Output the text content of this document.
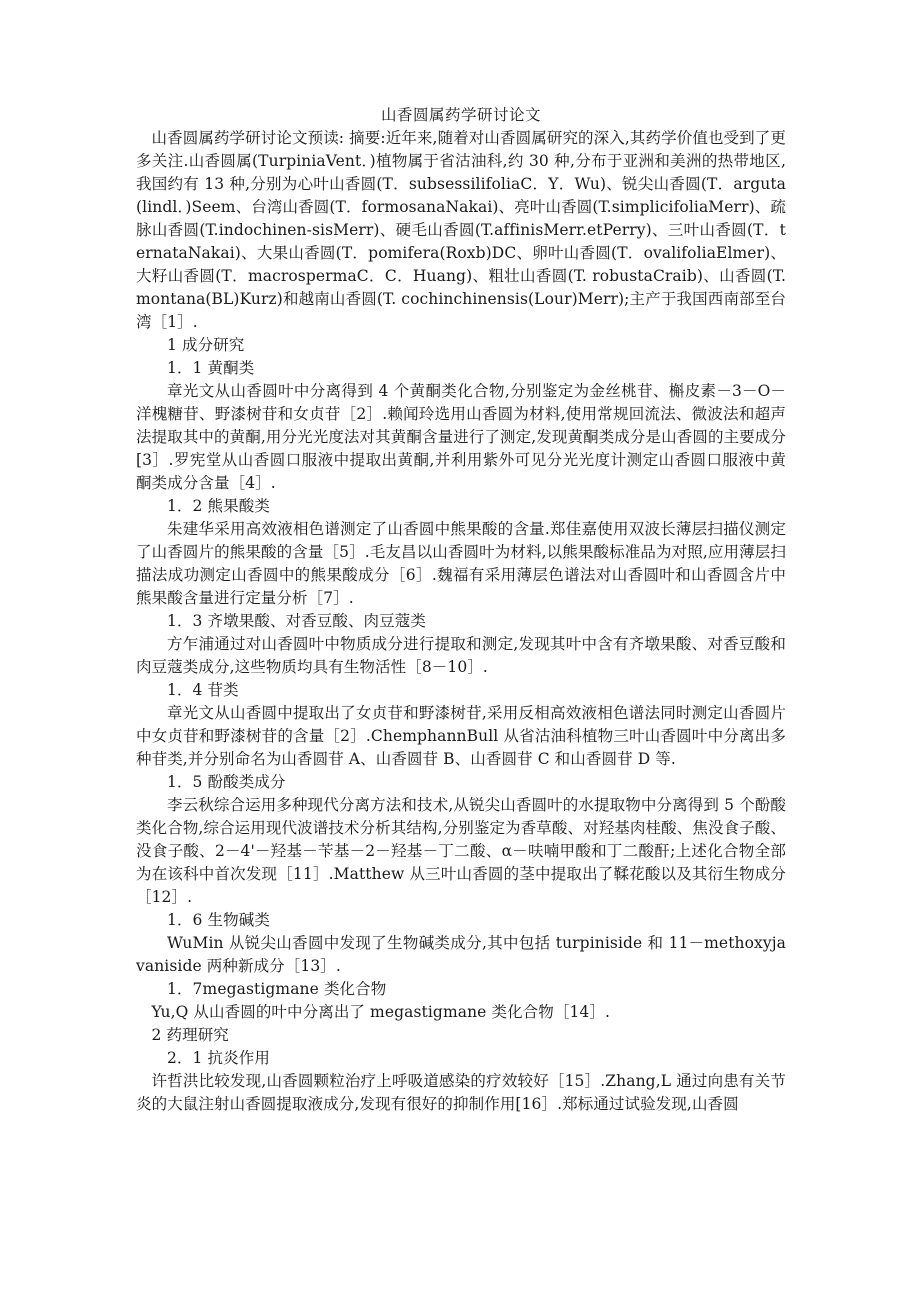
山香圆属药学研讨论文

山香圆属药学研讨论文预读: 摘要:近年来,随着对山香圆属研究的深入,其药学价值也受到了更多关注.山香圆属(TurpiniaVent．)植物属于省沽油科,约 30 种,分布于亚洲和美洲的热带地区,我国约有 13 种,分别为心叶山香圆(T．subsessilifoliaC．Y．Wu)、锐尖山香圆(T．arguta(lindl．)Seem、台湾山香圆(T．formosanaNakai)、亮叶山香圆(T.simplicifoliaMerr)、疏脉山香圆(T.indochinen-sisMerr)、硬毛山香圆(T.affinisMerr.etPerry)、三叶山香圆(T．ternataNakai)、大果山香圆(T．pomifera(Roxb)DC、卵叶山香圆(T．ovalifoliaElmer)、大籽山香圆(T．macrospermaC．C．Huang)、粗壮山香圆(T. robustaCraib)、山香圆(T. montana(BL)Kurz)和越南山香圆(T. cochinchinensis(Lour)Merr);主产于我国西南部至台湾［1］.

1 成分研究

1．1 黄酮类

章光文从山香圆叶中分离得到 4 个黄酮类化合物,分别鉴定为金丝桃苷、槲皮素－3－O－洋槐糖苷、野漆树苷和女贞苷［2］.赖闻玲选用山香圆为材料,使用常规回流法、微波法和超声法提取其中的黄酮,用分光光度法对其黄酮含量进行了测定,发现黄酮类成分是山香圆的主要成分[3］.罗宪堂从山香圆口服液中提取出黄酮,并利用紫外可见分光光度计测定山香圆口服液中黄酮类成分含量［4］.

1．2 熊果酸类

朱建华采用高效液相色谱测定了山香圆中熊果酸的含量.郑佳嘉使用双波长薄层扫描仪测定了山香圆片的熊果酸的含量［5］.毛友昌以山香圆叶为材料,以熊果酸标准品为对照,应用薄层扫描法成功测定山香圆中的熊果酸成分［6］.魏福有采用薄层色谱法对山香圆叶和山香圆含片中熊果酸含量进行定量分析［7］.

1．3 齐墩果酸、对香豆酸、肉豆蔻类

方乍浦通过对山香圆叶中物质成分进行提取和测定,发现其叶中含有齐墩果酸、对香豆酸和肉豆蔻类成分,这些物质均具有生物活性［8－10］.

1．4 苷类

章光文从山香圆中提取出了女贞苷和野漆树苷,采用反相高效液相色谱法同时测定山香圆片中女贞苷和野漆树苷的含量［2］.ChemphannBull 从省沽油科植物三叶山香圆叶中分离出多种苷类,并分别命名为山香圆苷 A、山香圆苷 B、山香圆苷 C 和山香圆苷 D 等.

1．5 酚酸类成分

李云秋综合运用多种现代分离方法和技术,从锐尖山香圆叶的水提取物中分离得到 5 个酚酸类化合物,综合运用现代波谱技术分析其结构,分别鉴定为香草酸、对羟基肉桂酸、焦没食子酸、没食子酸、2－4'－羟基－苄基－2－羟基－丁二酸、α－呋喃甲酸和丁二酸酐;上述化合物全部为在该科中首次发现［11］.Matthew 从三叶山香圆的茎中提取出了鞣花酸以及其衍生物成分［12］.

1．6 生物碱类

WuMin 从锐尖山香圆中发现了生物碱类成分,其中包括 turpiniside 和 11－methoxyjavaniside 两种新成分［13］.

1．7megastigmane 类化合物

Yu,Q 从山香圆的叶中分离出了 megastigmane 类化合物［14］.

2 药理研究

2．1 抗炎作用

许哲洪比较发现,山香圆颗粒治疗上呼吸道感染的疗效较好［15］.Zhang,L 通过向患有关节炎的大鼠注射山香圆提取液成分,发现有很好的抑制作用[16］.郑标通过试验发现,山香圆
